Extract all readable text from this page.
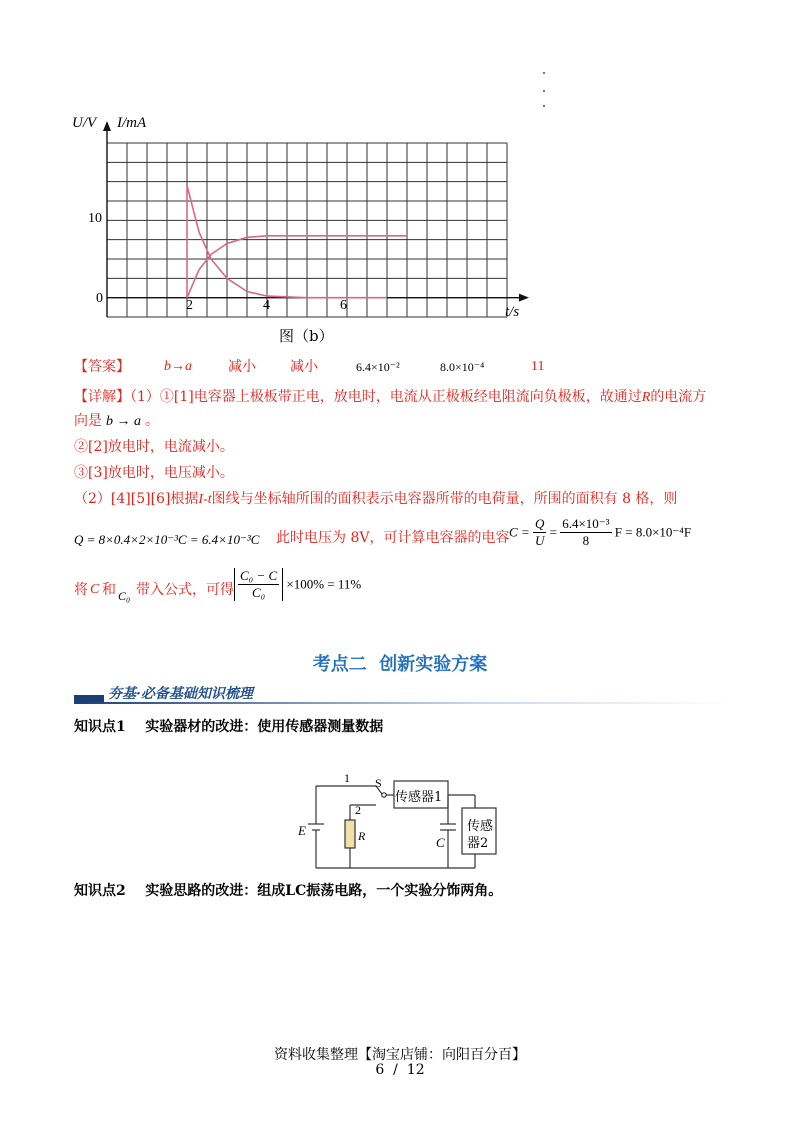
U/V I/mA
10
0	2	4	6	t/s
图（b）
【答案】 b→a	减小 减小	6.4×10⁻²	8.0×10⁻⁴	11
【详解】（1）①[1]电容器上极板带正电，放电时，电流从正极板经电阻流向负极板，故通过R的电流方
向是 b → a 。
②[2]放电时，电流减小。
③[3]放电时，电压减小。
（2）[4][5][6]根据I-t图线与坐标轴所围的面积表示电容器所带的电荷量，所围的面积有 8 格，则
Q = 8×0.4×2×10⁻³C = 6.4×10⁻³C 此时电压为 8V，可计算电容器的电容 $C = \frac{Q}{U} = \frac{\text{6.4×10⁻³}}{8}$ F = 8.0×10⁻⁴F
将 C 和 C₀ 带入公式，可得 $\frac{\text{C₀ − C}}{\text{C₀}} \times 100\% = 11\%$
考点二  创新实验方案
夯基·必备基础知识梳理
知识点1    实验器材的改进：使用传感器测量数据
1 S
2
E	R	C
传感器1
传感
器2
知识点2    实验思路的改进：组成LC振荡电路，一个实验分饰两角。
资料收集整理【淘宝店铺：向阳百分百】
6  /  12
